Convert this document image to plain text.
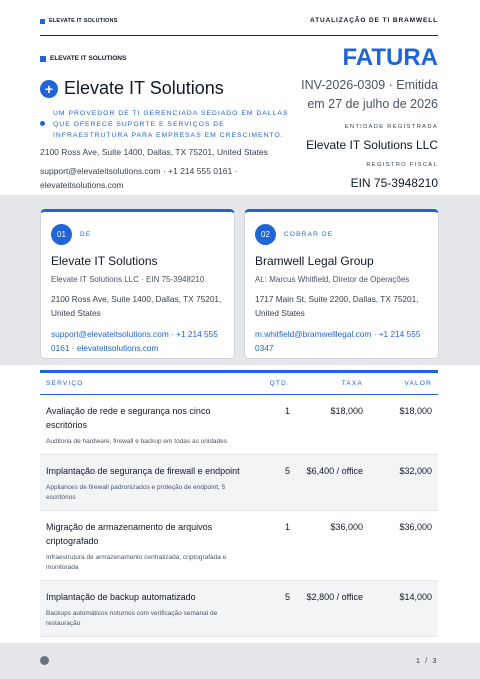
ELEVATE IT SOLUTIONS	ATUALIZAÇÃO DE TI BRAMWELL
ELEVATE IT SOLUTIONS
+ Elevate IT Solutions
UM PROVEDOR DE TI GERENCIADA SEDIADO EM DALLAS QUE OFERECE SUPORTE E SERVIÇOS DE INFRAESTRUTURA PARA EMPRESAS EM CRESCIMENTO.
2100 Ross Ave, Suite 1400, Dallas, TX 75201, United States
support@elevateitsolutions.com · +1 214 555 0161 · elevateitsolutions.com
FATURA
INV-2026-0309 · Emitida em 27 de julho de 2026
ENTIDADE REGISTRADA
Elevate IT Solutions LLC
REGISTRO FISCAL
EIN 75-3948210
01	DE
Elevate IT Solutions
Elevate IT Solutions LLC · EIN 75-3948210
2100 Ross Ave, Suite 1400, Dallas, TX 75201, United States
support@elevateitsolutions.com · +1 214 555 0161 · elevateitsolutions.com
02	COBRAR DE
Bramwell Legal Group
At.: Marcus Whitfield, Diretor de Operações
1717 Main St, Suite 2200, Dallas, TX 75201, United States
m.whitfield@bramwelllegal.com · +1 214 555 0347
SERVIÇO	QTD.	TAXA	VALOR
Avaliação de rede e segurança nos cinco escritórios
Auditoria de hardware, firewall e backup em todas as unidades
1	$18,000	$18,000
Implantação de segurança de firewall e endpoint
Appliances de firewall padronizados e proteção de endpoint, 5 escritórios
5	$6,400 / office	$32,000
Migração de armazenamento de arquivos criptografado
Infraestrutura de armazenamento centralizada, criptografada e monitorada
1	$36,000	$36,000
Implantação de backup automatizado
Backups automáticos noturnos com verificação semanal de restauração
5	$2,800 / office	$14,000
1 / 3
